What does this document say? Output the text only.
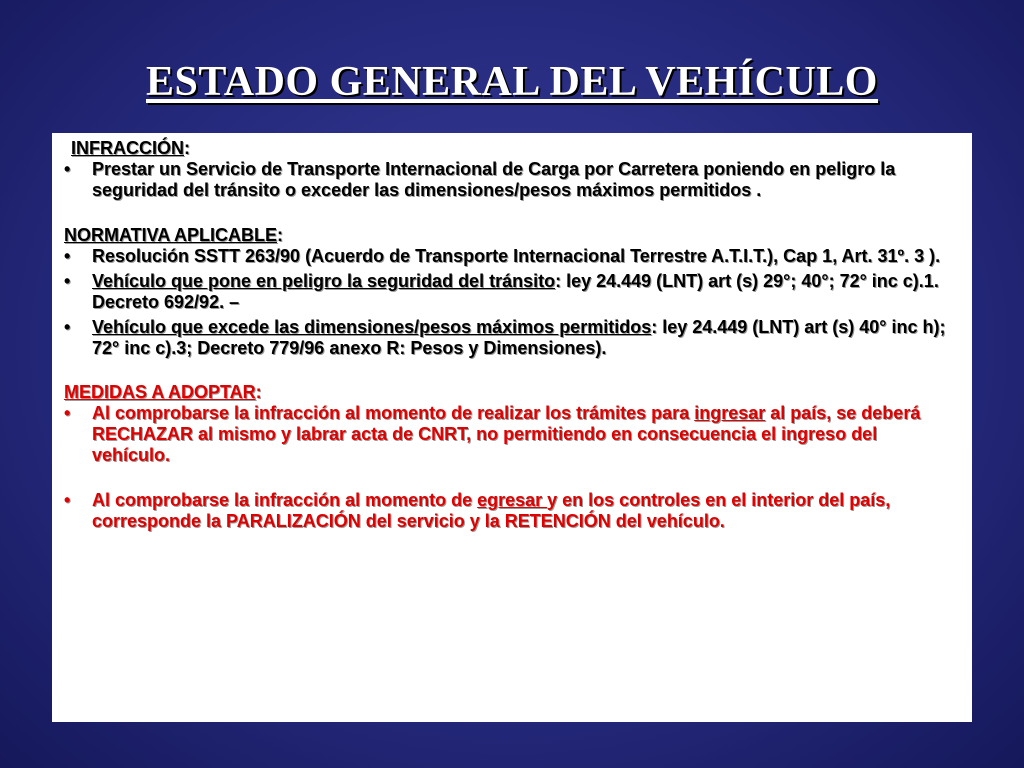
ESTADO GENERAL DEL VEHÍCULO
INFRACCIÓN:
• Prestar un Servicio de Transporte Internacional de Carga por Carretera poniendo en peligro la seguridad del tránsito o exceder las dimensiones/pesos máximos permitidos .
NORMATIVA APLICABLE:
• Resolución SSTT 263/90 (Acuerdo de Transporte Internacional Terrestre A.T.I.T.), Cap 1, Art. 31º. 3 ).
• Vehículo que pone en peligro la seguridad del tránsito: ley 24.449 (LNT) art (s) 29°; 40°; 72° inc c).1. Decreto 692/92. –
• Vehículo que excede las dimensiones/pesos máximos permitidos: ley 24.449 (LNT) art (s) 40° inc h); 72° inc c).3; Decreto 779/96 anexo R: Pesos y Dimensiones).
MEDIDAS A ADOPTAR:
• Al comprobarse la infracción al momento de realizar los trámites para ingresar al país, se deberá RECHAZAR al mismo y labrar acta de CNRT, no permitiendo en consecuencia el ingreso del vehículo.
• Al comprobarse la infracción al momento de egresar y en los controles en el interior del país, corresponde la PARALIZACIÓN del servicio y la RETENCIÓN del vehículo.
